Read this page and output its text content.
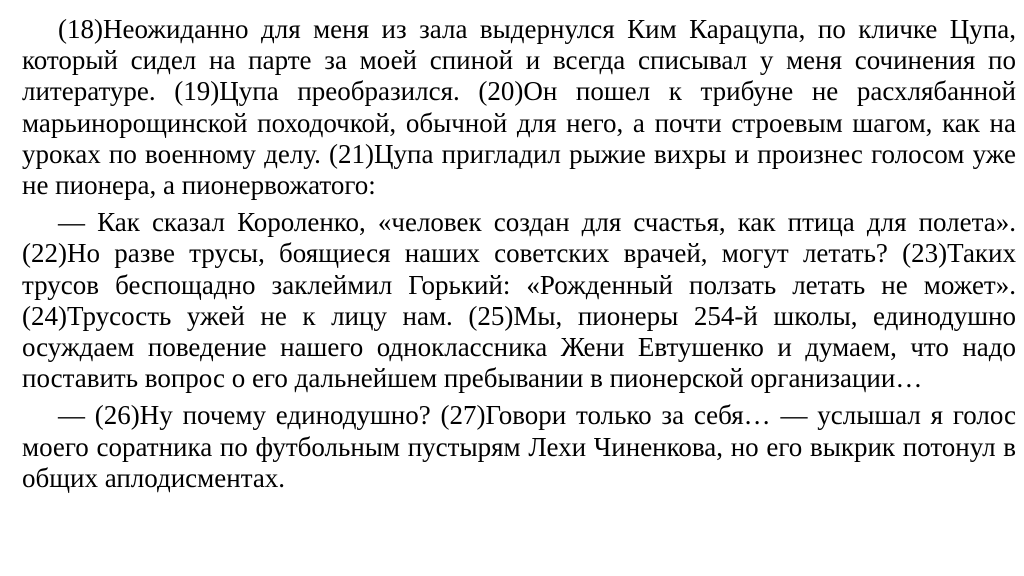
(18)Неожиданно для меня из зала выдернулся Ким Карацупа, по кличке Цупа, который сидел на парте за моей спиной и всегда списывал у меня сочинения по литературе. (19)Цупа преобразился. (20)Он пошел к трибуне не расхлябанной марьинорощинской походочкой, обычной для него, а почти строевым шагом, как на уроках по военному делу. (21)Цупа пригладил рыжие вихры и произнес голосом уже не пионера, а пионервожатого:

— Как сказал Короленко, «человек создан для счастья, как птица для полета». (22)Но разве трусы, боящиеся наших советских врачей, могут летать? (23)Таких трусов беспощадно заклеймил Горький: «Рожденный ползать летать не может». (24)Трусость ужей не к лицу нам. (25)Мы, пионеры 254-й школы, единодушно осуждаем поведение нашего одноклассника Жени Евтушенко и думаем, что надо поставить вопрос о его дальнейшем пребывании в пионерской организации…

— (26)Ну почему единодушно? (27)Говори только за себя… — услышал я голос моего соратника по футбольным пустырям Лехи Чиненкова, но его выкрик потонул в общих аплодисментах.
